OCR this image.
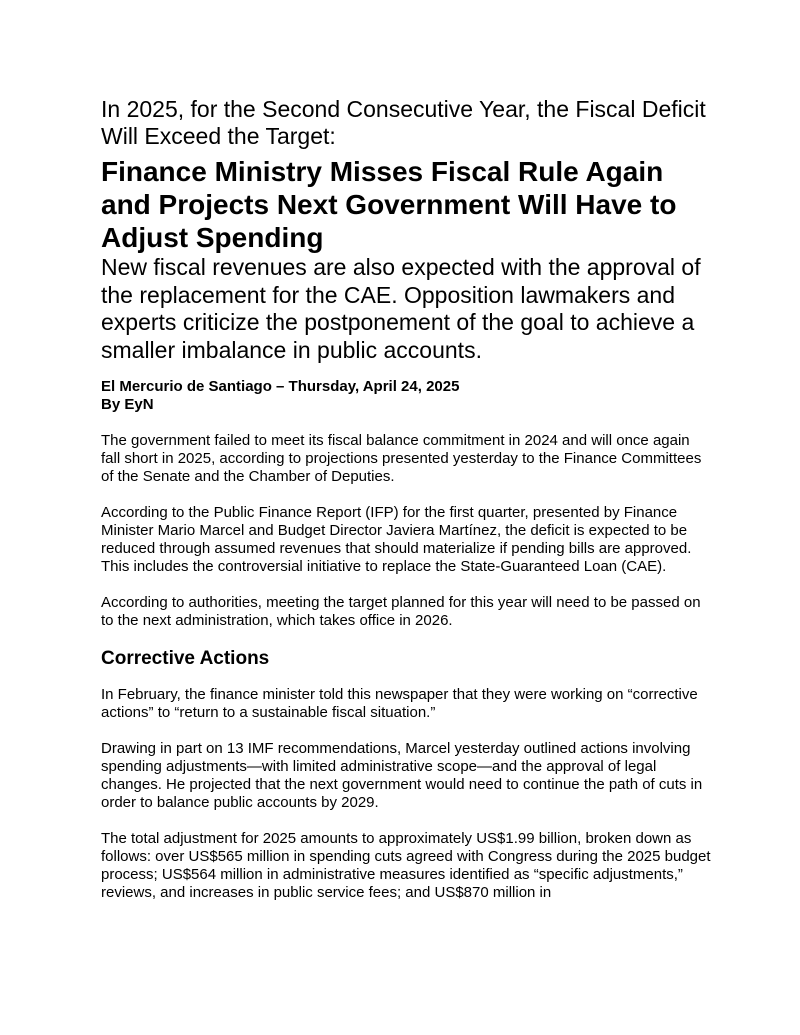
In 2025, for the Second Consecutive Year, the Fiscal Deficit Will Exceed the Target:
Finance Ministry Misses Fiscal Rule Again and Projects Next Government Will Have to Adjust Spending
New fiscal revenues are also expected with the approval of the replacement for the CAE. Opposition lawmakers and experts criticize the postponement of the goal to achieve a smaller imbalance in public accounts.
El Mercurio de Santiago – Thursday, April 24, 2025
By EyN

The government failed to meet its fiscal balance commitment in 2024 and will once again fall short in 2025, according to projections presented yesterday to the Finance Committees of the Senate and the Chamber of Deputies.

According to the Public Finance Report (IFP) for the first quarter, presented by Finance Minister Mario Marcel and Budget Director Javiera Martínez, the deficit is expected to be reduced through assumed revenues that should materialize if pending bills are approved. This includes the controversial initiative to replace the State-Guaranteed Loan (CAE).

According to authorities, meeting the target planned for this year will need to be passed on to the next administration, which takes office in 2026.

Corrective Actions

In February, the finance minister told this newspaper that they were working on “corrective actions” to “return to a sustainable fiscal situation.”

Drawing in part on 13 IMF recommendations, Marcel yesterday outlined actions involving spending adjustments—with limited administrative scope—and the approval of legal changes. He projected that the next government would need to continue the path of cuts in order to balance public accounts by 2029.

The total adjustment for 2025 amounts to approximately US$1.99 billion, broken down as follows: over US$565 million in spending cuts agreed with Congress during the 2025 budget process; US$564 million in administrative measures identified as “specific adjustments,” reviews, and increases in public service fees; and US$870 million in
